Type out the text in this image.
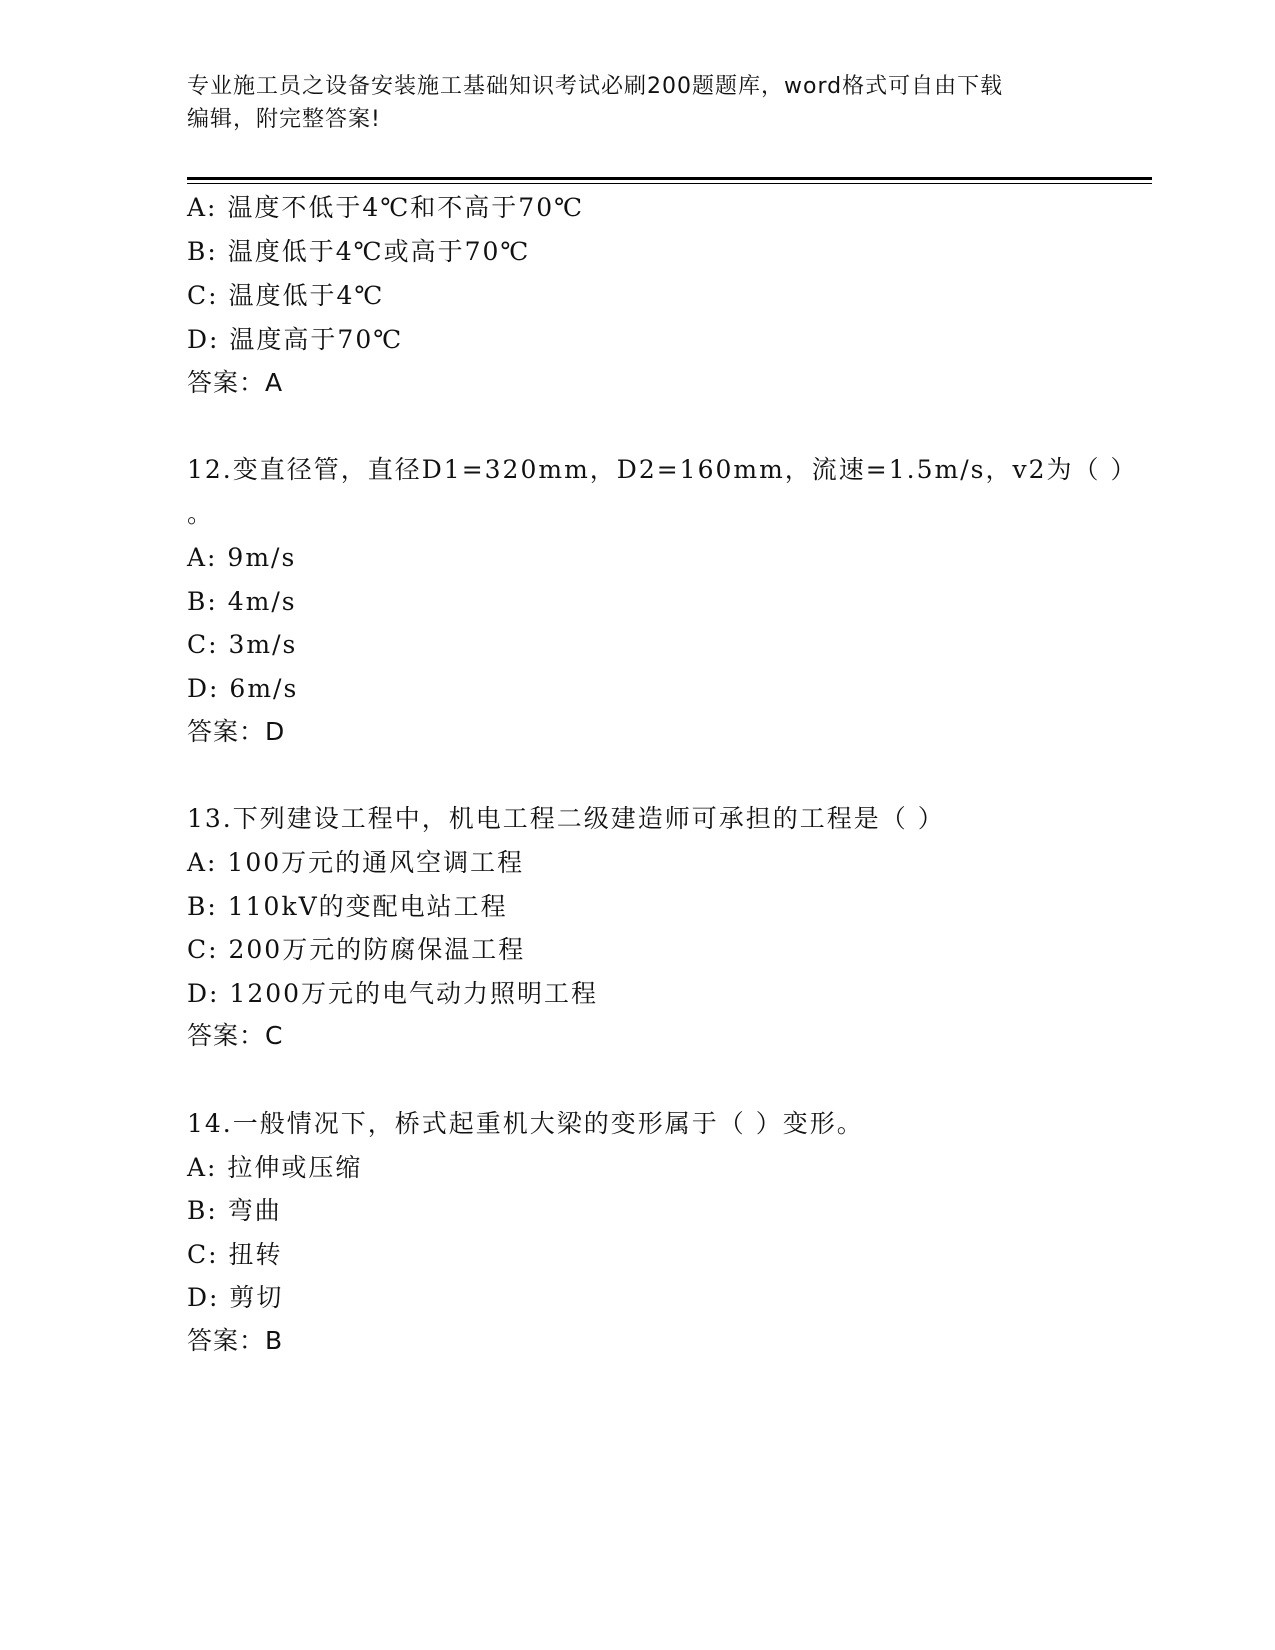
专业施工员之设备安装施工基础知识考试必刷200题题库，word格式可自由下载
编辑，附完整答案!
A: 温度不低于4℃和不高于70℃
B: 温度低于4℃或高于70℃
C: 温度低于4℃
D: 温度高于70℃
答案：A
12.变直径管，直径D1=320mm，D2=160mm，流速=1.5m/s，v2为（ ）
。
A: 9m/s
B: 4m/s
C: 3m/s
D: 6m/s
答案：D
13.下列建设工程中，机电工程二级建造师可承担的工程是（ ）
A: 100万元的通风空调工程
B: 110kV的变配电站工程
C: 200万元的防腐保温工程
D: 1200万元的电气动力照明工程
答案：C
14.一般情况下，桥式起重机大梁的变形属于（ ）变形。
A: 拉伸或压缩
B: 弯曲
C: 扭转
D: 剪切
答案：B
